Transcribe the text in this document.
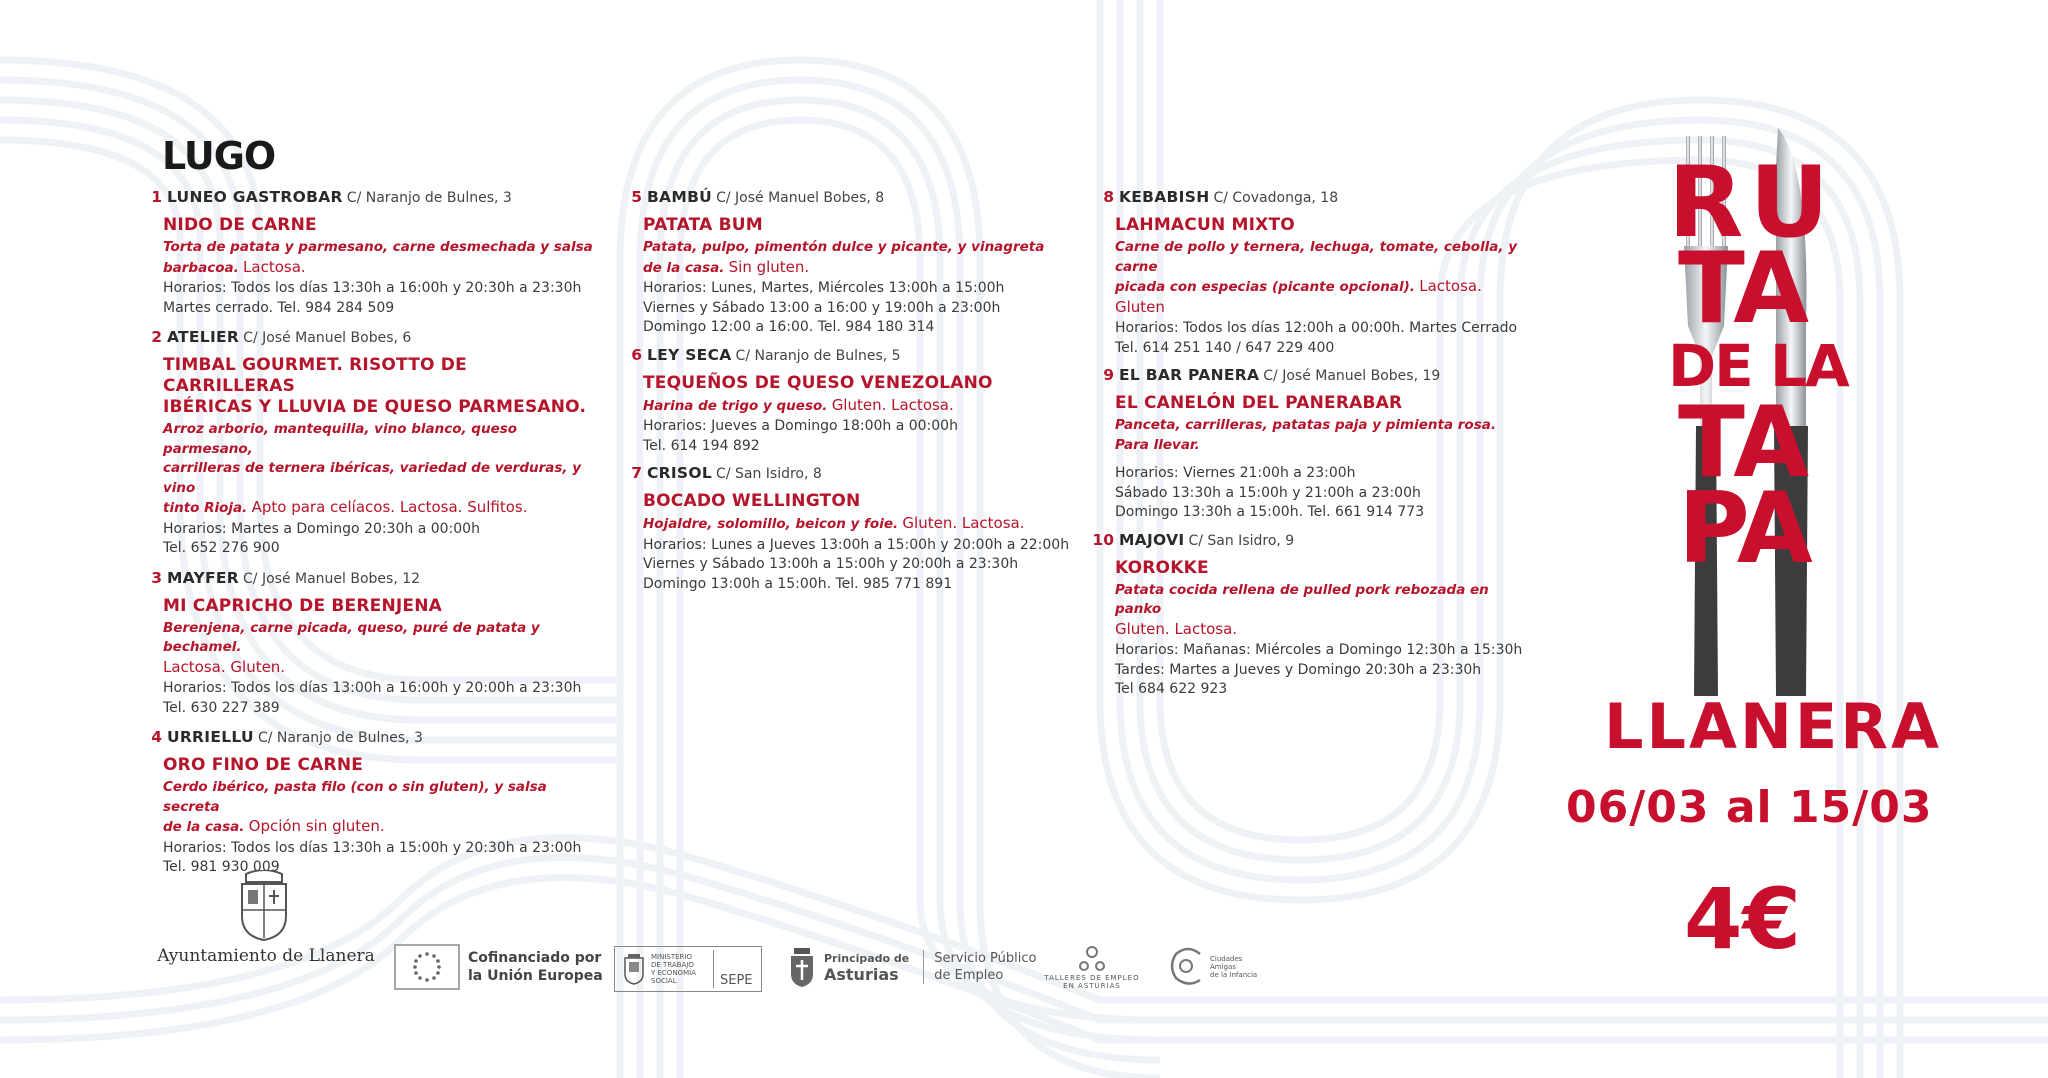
LUGO
1 LUNEO GASTROBAR C/ Naranjo de Bulnes, 3
NIDO DE CARNE
Torta de patata y parmesano, carne desmechada y salsa
barbacoa. Lactosa.
Horarios: Todos los días 13:30h a 16:00h y 20:30h a 23:30h
Martes cerrado. Tel. 984 284 509
2 ATELIER C/ José Manuel Bobes, 6
TIMBAL GOURMET. RISOTTO DE CARRILLERAS
IBÉRICAS Y LLUVIA DE QUESO PARMESANO.
Arroz arborio, mantequilla, vino blanco, queso parmesano,
carrilleras de ternera ibéricas, variedad de verduras, y vino
tinto Rioja. Apto para celíacos. Lactosa. Sulfitos.
Horarios: Martes a Domingo 20:30h a 00:00h
Tel. 652 276 900
3 MAYFER C/ José Manuel Bobes, 12
MI CAPRICHO DE BERENJENA
Berenjena, carne picada, queso, puré de patata y bechamel.
Lactosa. Gluten.
Horarios: Todos los días 13:00h a 16:00h y 20:00h a 23:30h
Tel. 630 227 389
4 URRIELLU C/ Naranjo de Bulnes, 3
ORO FINO DE CARNE
Cerdo ibérico, pasta filo (con o sin gluten), y salsa secreta
de la casa. Opción sin gluten.
Horarios: Todos los días 13:30h a 15:00h y 20:30h a 23:00h
Tel. 981 930 009
5 BAMBÚ C/ José Manuel Bobes, 8
PATATA BUM
Patata, pulpo, pimentón dulce y picante, y vinagreta
de la casa. Sin gluten.
Horarios: Lunes, Martes, Miércoles 13:00h a 15:00h
Viernes y Sábado 13:00 a 16:00 y 19:00h a 23:00h
Domingo 12:00 a 16:00. Tel. 984 180 314
6 LEY SECA C/ Naranjo de Bulnes, 5
TEQUEÑOS DE QUESO VENEZOLANO
Harina de trigo y queso. Gluten. Lactosa.
Horarios: Jueves a Domingo 18:00h a 00:00h
Tel. 614 194 892
7 CRISOL C/ San Isidro, 8
BOCADO WELLINGTON
Hojaldre, solomillo, beicon y foie. Gluten. Lactosa.
Horarios: Lunes a Jueves 13:00h a 15:00h y 20:00h a 22:00h
Viernes y Sábado 13:00h a 15:00h y 20:00h a 23:30h
Domingo 13:00h a 15:00h. Tel. 985 771 891
8 KEBABISH C/ Covadonga, 18
LAHMACUN MIXTO
Carne de pollo y ternera, lechuga, tomate, cebolla, y carne
picada con especias (picante opcional). Lactosa. Gluten
Horarios: Todos los días 12:00h a 00:00h. Martes Cerrado
Tel. 614 251 140 / 647 229 400
9 EL BAR PANERA C/ José Manuel Bobes, 19
EL CANELÓN DEL PANERABAR
Panceta, carrilleras, patatas paja y pimienta rosa. Para llevar.
Horarios: Viernes 21:00h a 23:00h
Sábado 13:30h a 15:00h y 21:00h a 23:00h
Domingo 13:30h a 15:00h. Tel. 661 914 773
10 MAJOVI C/ San Isidro, 9
KOROKKE
Patata cocida rellena de pulled pork rebozada en panko
Gluten. Lactosa.
Horarios: Mañanas: Miércoles a Domingo 12:30h a 15:30h
Tardes: Martes a Jueves y Domingo 20:30h a 23:30h
Tel 684 622 923
RU
TA
DE LA
TA
PA
LLANERA
06/03 al 15/03
4€
Ayuntamiento de Llanera	Cofinanciado por
la Unión Europea
MINISTERIO
DE TRABAJO
Y ECONOMÍA SOCIAL	SEPE
Principado de
Asturias
Servicio Público
de Empleo	TALLERES DE EMPLEO
EN ASTURIAS
Ciudades
Amigas
de la Infancia
